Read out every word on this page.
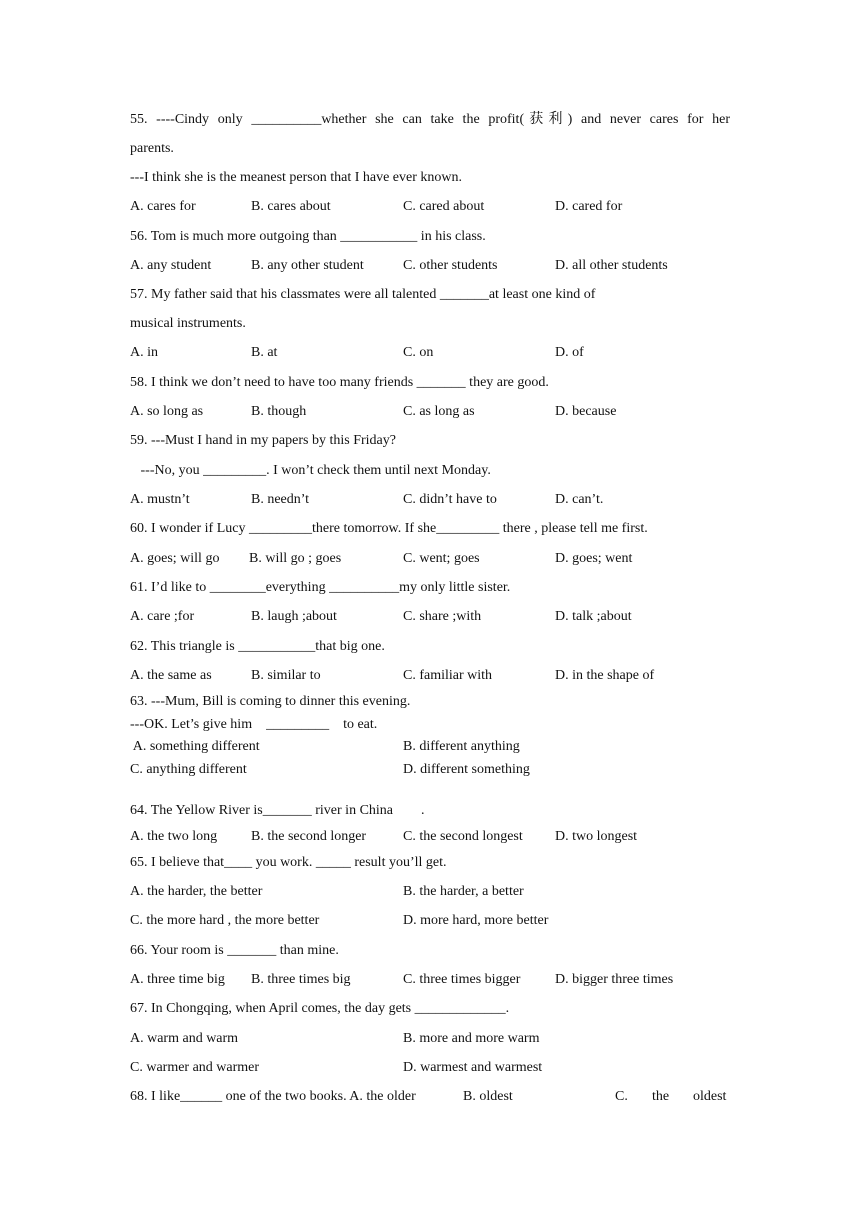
55. ----Cindy only __________whether she can take the profit(获利) and never cares for her
parents.
---I think she is the meanest person that I have ever known.
A. cares for	B. cares about	C. cared about	D. cared for
56. Tom is much more outgoing than ___________ in his class.
A. any student	B. any other student	C. other students	D. all other students
57. My father said that his classmates were all talented _______at least one kind of
musical instruments.
A. in	B. at	C. on	D. of
58. I think we don’t need to have too many friends _______ they are good.
A. so long as	B. though	C. as long as	D. because
59. ---Must I hand in my papers by this Friday?
---No, you _________. I won’t check them until next Monday.
A. mustn’t	B. needn’t	C. didn’t have to	D. can’t.
60. I wonder if Lucy _________there tomorrow. If she_________ there , please tell me first.
A. goes; will go B. will go ; goes	C. went; goes	D. goes; went
61. I’d like to ________everything __________my only little sister.
A. care ;for	B. laugh ;about	C. share ;with	D. talk ;about
62. This triangle is ___________that big one.
A. the same as	B. similar to	C. familiar with	D. in the shape of
63. ---Mum, Bill is coming to dinner this evening.
---OK. Let’s give him    _________    to eat.
A. something different	B. different anything
C. anything different	D. different something
64. The Yellow River is_______ river in China        .
A. the two long B. the second longer	C. the second longest D. two longest
65. I believe that____ you work. _____ result you’ll get.
A. the harder, the better	B. the harder, a better
C. the more hard , the more better	D. more hard, more better
66. Your room is _______ than mine.
A. three time big B. three times big	C. three times bigger D. bigger three times
67. In Chongqing, when April comes, the day gets _____________.
A. warm and warm	B. more and more warm
C. warmer and warmer	D. warmest and warmest
68. I like______ one of the two books. A. the older	B. oldest	C. the oldest
